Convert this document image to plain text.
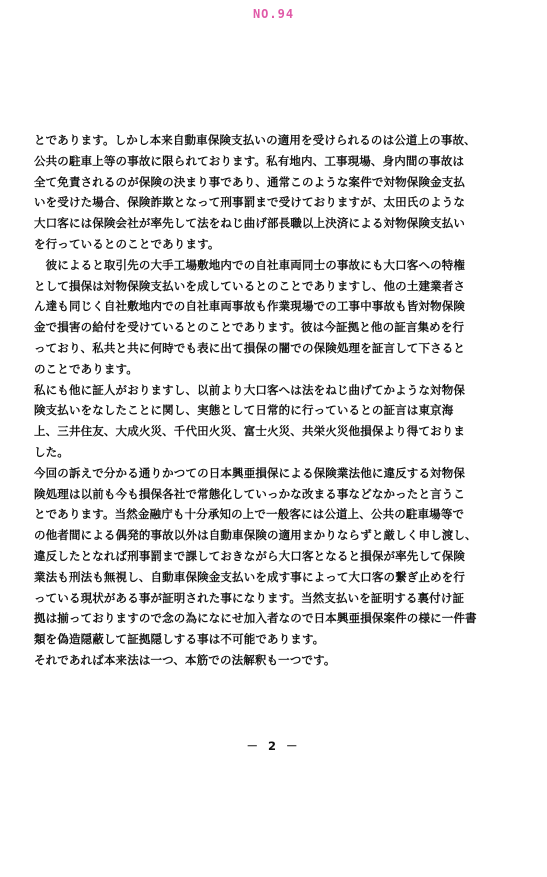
NO.94

とであります。しかし本来自動車保険支払いの適用を受けられるのは公道上の事故、

公共の駐車上等の事故に限られております。私有地内、工事現場、身内間の事故は

全て免責されるのが保険の決まり事であり、通常このような案件で対物保険金支払

いを受けた場合、保険詐欺となって刑事罰まで受けておりますが、太田氏のような

大口客には保険会社が率先して法をねじ曲げ部長職以上決済による対物保険支払い

を行っているとのことであります。

　彼によると取引先の大手工場敷地内での自社車両同士の事故にも大口客への特権

として損保は対物保険支払いを成しているとのことでありますし、他の土建業者さ

ん達も同じく自社敷地内での自社車両事故も作業現場での工事中事故も皆対物保険

金で損害の給付を受けているとのことであります。彼は今証拠と他の証言集めを行

っており、私共と共に何時でも表に出て損保の闇での保険処理を証言して下さると

のことであります。

私にも他に証人がおりますし、以前より大口客へは法をねじ曲げてかような対物保

険支払いをなしたことに関し、実態として日常的に行っているとの証言は東京海

上、三井住友、大成火災、千代田火災、富士火災、共栄火災他損保より得ておりま

した。

今回の訴えで分かる通りかつての日本興亜損保による保険業法他に違反する対物保

険処理は以前も今も損保各社で常態化していっかな改まる事などなかったと言うこ

とであります。当然金融庁も十分承知の上で一般客には公道上、公共の駐車場等で

の他者間による偶発的事故以外は自動車保険の適用まかりならずと厳しく申し渡し、

違反したとなれば刑事罰まで課しておきながら大口客となると損保が率先して保険

業法も刑法も無視し、自動車保険金支払いを成す事によって大口客の繋ぎ止めを行

っている現状がある事が証明された事になります。当然支払いを証明する裏付け証

拠は揃っておりますので念の為になにせ加入者なので日本興亜損保案件の様に一件書

類を偽造隠蔽して証拠隠しする事は不可能であります。

それであれば本来法は一つ、本筋での法解釈も一つです。

－ 2 －
